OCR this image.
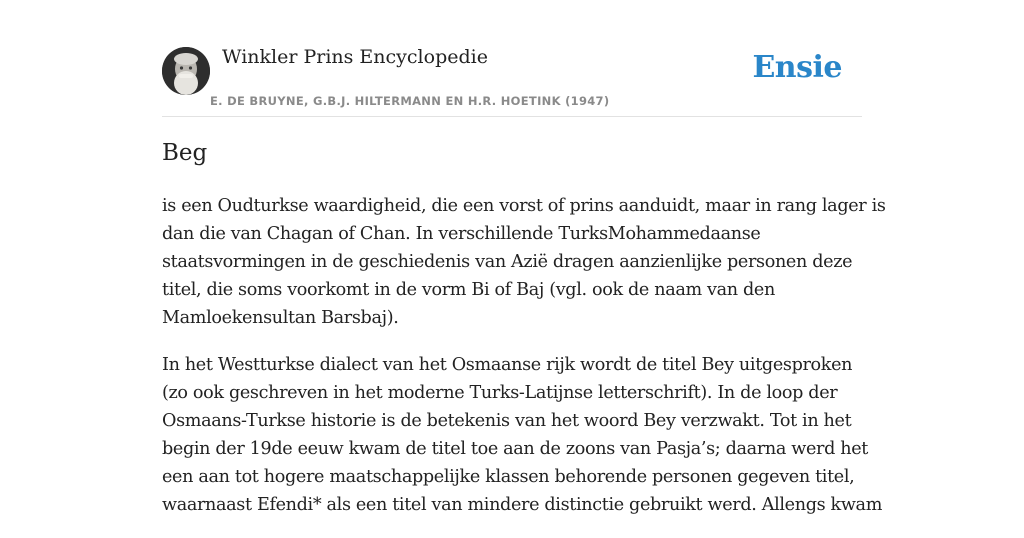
Winkler Prins Encyclopedie
E. DE BRUYNE, G.B.J. HILTERMANN EN H.R. HOETINK (1947)
Ensie
Beg

is een Oudturkse waardigheid, die een vorst of prins aanduidt, maar in rang lager is
dan die van Chagan of Chan. In verschillende TurksMohammedaanse
staatsvormingen in de geschiedenis van Azië dragen aanzienlijke personen deze
titel, die soms voorkomt in de vorm Bi of Baj (vgl. ook de naam van den
Mamloekensultan Barsbaj).

In het Westturkse dialect van het Osmaanse rijk wordt de titel Bey uitgesproken
(zo ook geschreven in het moderne Turks-Latijnse letterschrift). In de loop der
Osmaans-Turkse historie is de betekenis van het woord Bey verzwakt. Tot in het
begin der 19de eeuw kwam de titel toe aan de zoons van Pasja’s; daarna werd het
een aan tot hogere maatschappelijke klassen behorende personen gegeven titel,
waarnaast Efendi* als een titel van mindere distinctie gebruikt werd. Allengs kwam
